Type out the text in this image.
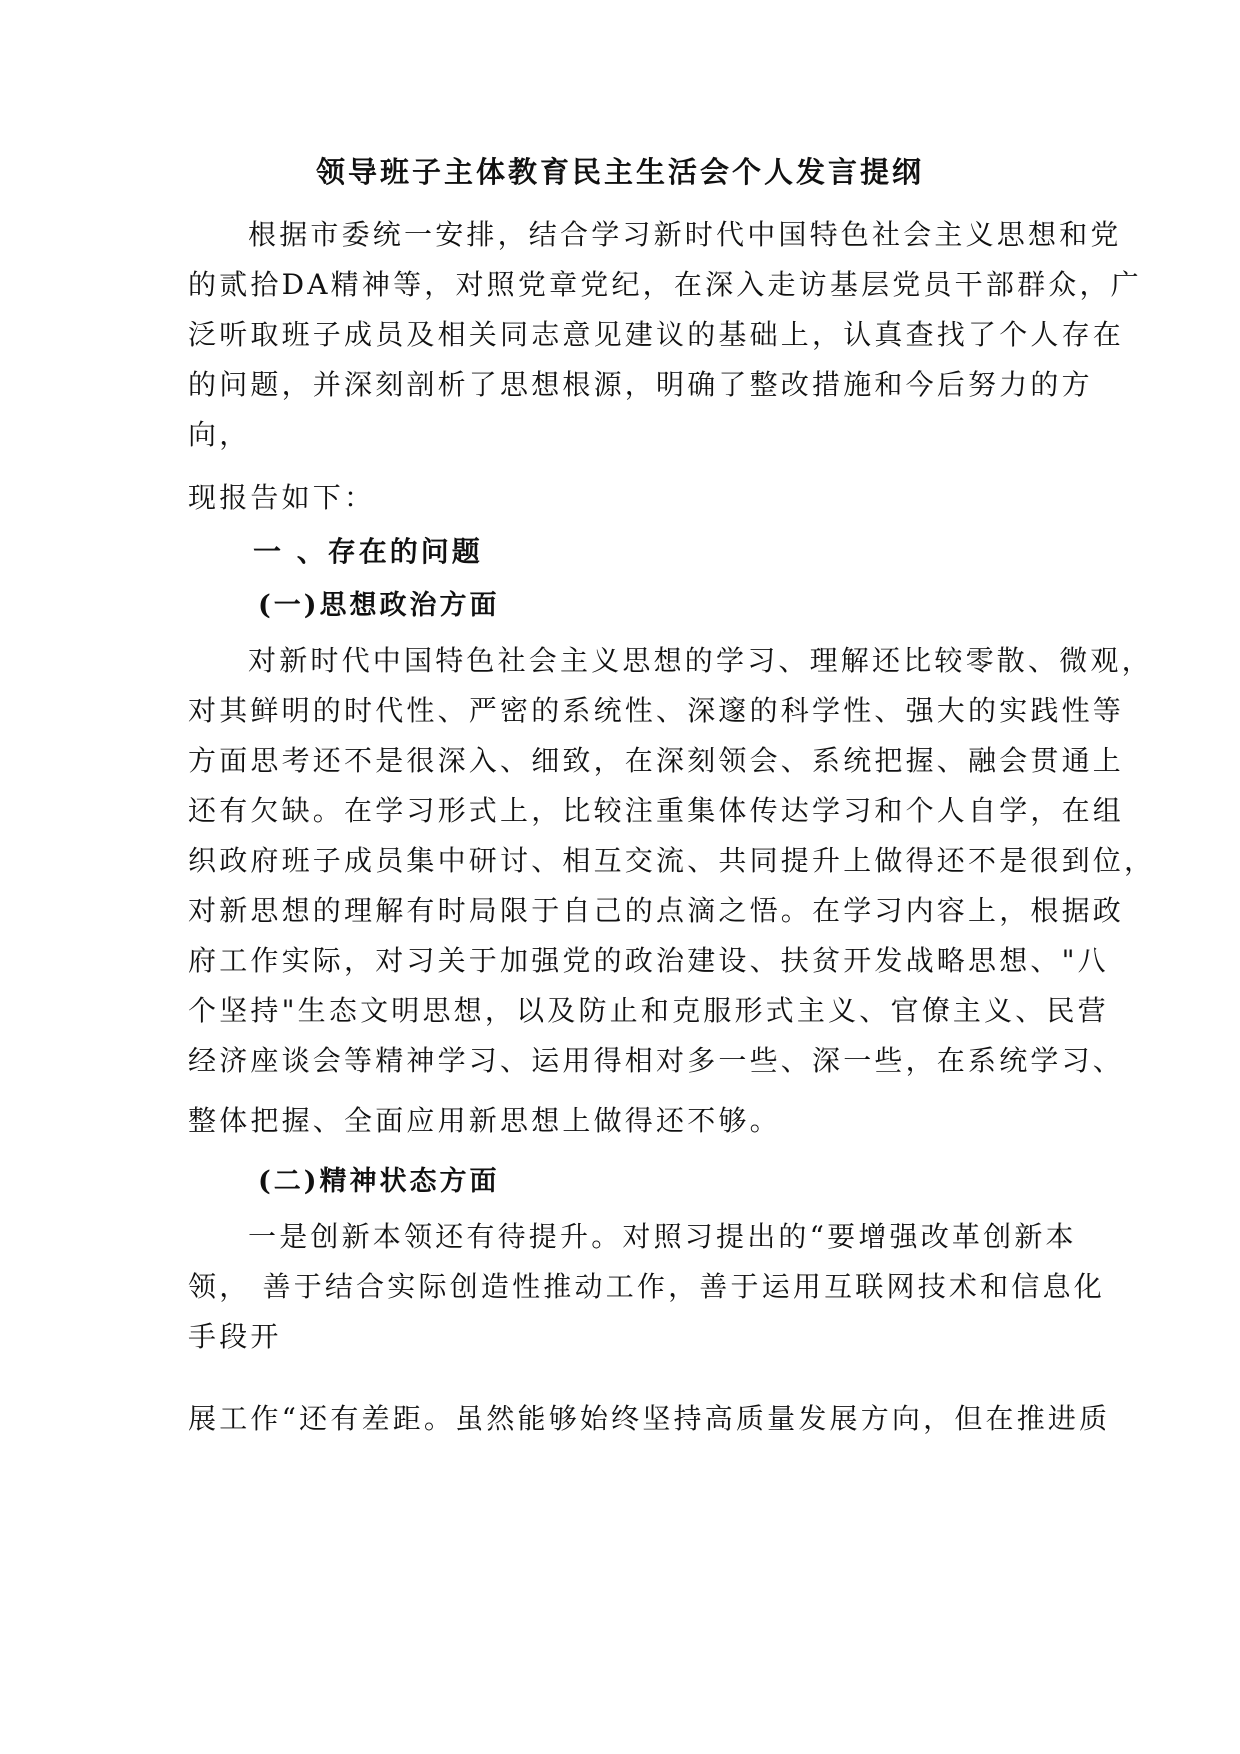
领导班子主体教育民主生活会个人发言提纲
根据市委统一安排，结合学习新时代中国特色社会主义思想和党
的贰拾DA精神等，对照党章党纪，在深入走访基层党员干部群众，广
泛听取班子成员及相关同志意见建议的基础上，认真查找了个人存在
的问题，并深刻剖析了思想根源，明确了整改措施和今后努力的方
向，
现报告如下：
一 、存在的问题
(一)思想政治方面
对新时代中国特色社会主义思想的学习、理解还比较零散、微观，
对其鲜明的时代性、严密的系统性、深邃的科学性、强大的实践性等
方面思考还不是很深入、细致，在深刻领会、系统把握、融会贯通上
还有欠缺。在学习形式上，比较注重集体传达学习和个人自学，在组
织政府班子成员集中研讨、相互交流、共同提升上做得还不是很到位，
对新思想的理解有时局限于自己的点滴之悟。在学习内容上，根据政
府工作实际，对习关于加强党的政治建设、扶贫开发战略思想、"八
个坚持"生态文明思想，以及防止和克服形式主义、官僚主义、民营
经济座谈会等精神学习、运用得相对多一些、深一些，在系统学习、
整体把握、全面应用新思想上做得还不够。
(二)精神状态方面
一是创新本领还有待提升。对照习提出的“要增强改革创新本
领， 善于结合实际创造性推动工作，善于运用互联网技术和信息化
手段开
展工作“还有差距。虽然能够始终坚持高质量发展方向，但在推进质
